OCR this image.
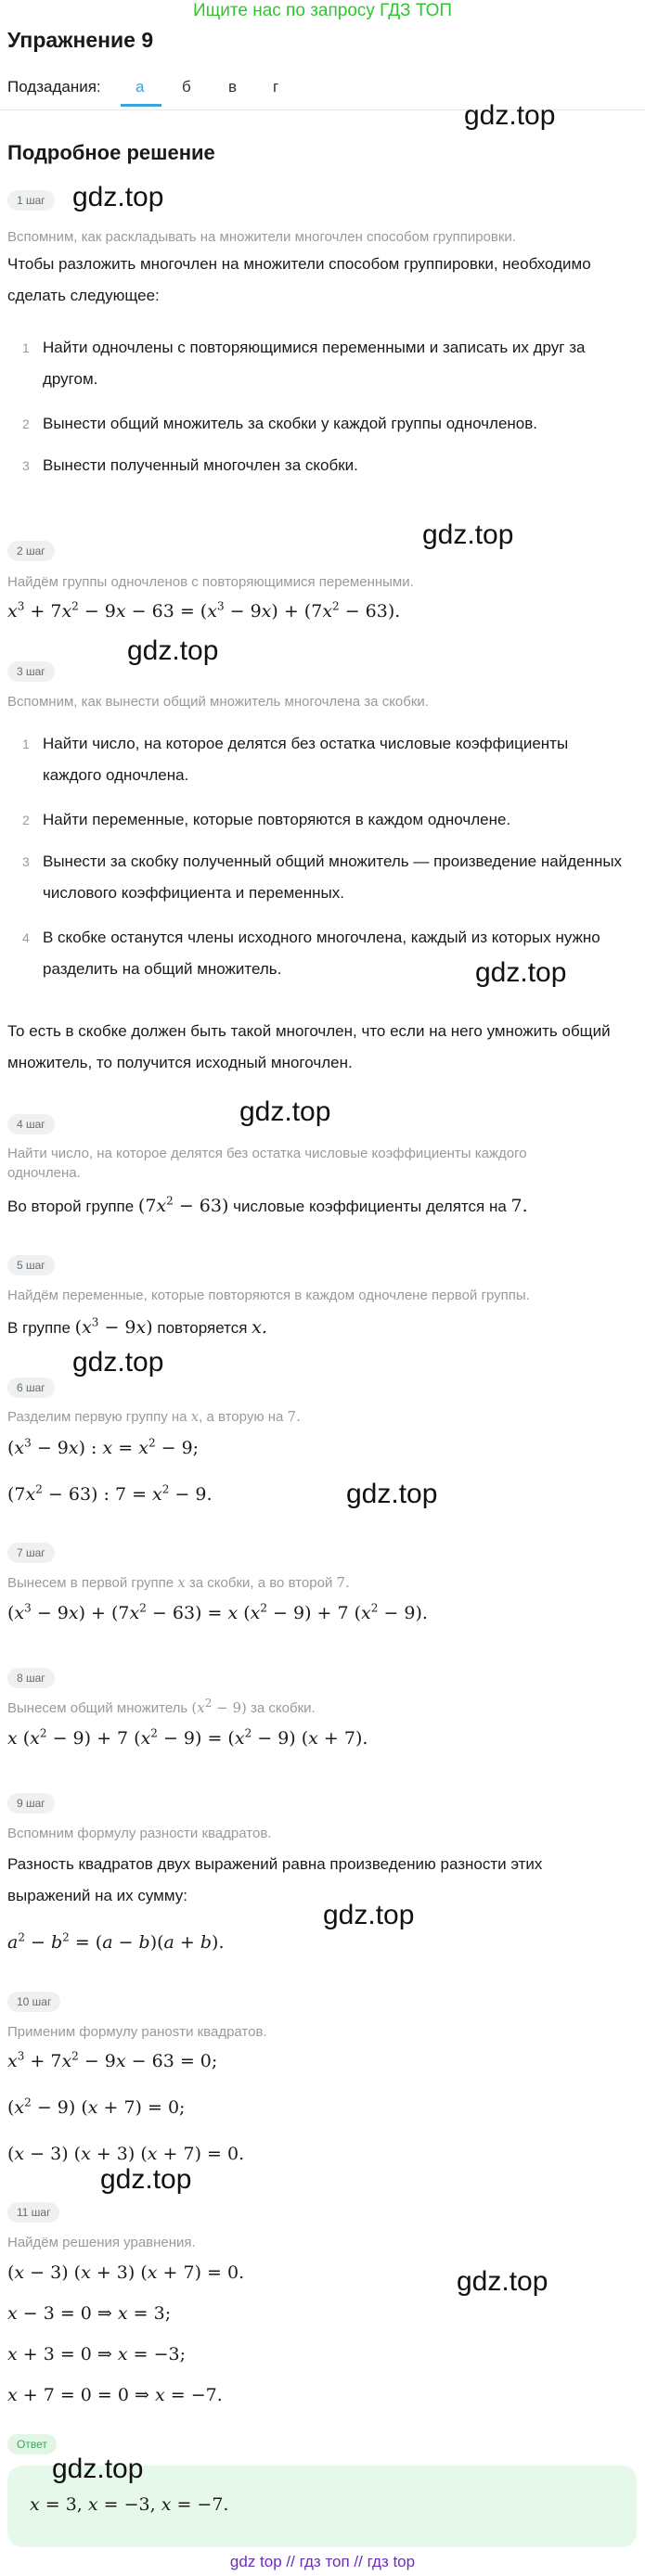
Ищите нас по запросу ГДЗ ТОП
Упражнение 9
Подзадания: а б в г
gdz.top
Подробное решение
1 шаг gdz.top
Вспомним, как раскладывать на множители многочлен способом группировки.
Чтобы разложить многочлен на множители способом группировки, необходимо сделать следующее:
1 Найти одночлены с повторяющимися переменными и записать их друг за другом.
2 Вынести общий множитель за скобки у каждой группы одночленов.
3 Вынести полученный многочлен за скобки.
gdz.top
2 шаг
Найдём группы одночленов с повторяющимися переменными.
$x^3 + 7x^2 - 9x - 63 = (x^3 - 9x) + (7x^2 - 63)$.
gdz.top
3 шаг
Вспомним, как вынести общий множитель многочлена за скобки.
1 Найти число, на которое делятся без остатка числовые коэффициенты каждого одночлена.
2 Найти переменные, которые повторяются в каждом одночлене.
3 Вынести за скобку полученный общий множитель — произведение найденных числового коэффициента и переменных.
4 В скобке останутся члены исходного многочлена, каждый из которых нужно разделить на общий множитель.	gdz.top
То есть в скобке должен быть такой многочлен, что если на него умножить общий множитель, то получится исходный многочлен.
gdz.top
4 шаг
Найти число, на которое делятся без остатка числовые коэффициенты каждого одночлена.
Во второй группе $(7x^2 - 63)$ числовые коэффициенты делятся на 7.
5 шаг
Найдём переменные, которые повторяются в каждом одночлене первой группы.
В группе $(x^3 - 9x)$ повторяется x.
gdz.top
6 шаг
Разделим первую группу на x, а вторую на 7.
$(x^3 - 9x)$ : $x = x^2 - 9$;
$(7x^2 - 63)$ : $7 = x^2 - 9$.	gdz.top
7 шаг
Вынесем в первой группе x за скобки, а во второй 7.
$(x^3 - 9x) + (7x^2 - 63) = x$ $(x^2 - 9) + 7$ $(x^2 - 9)$.
8 шаг
Вынесем общий множитель $(x^2 - 9)$ за скобки.
x $(x^2 - 9) + 7$ $(x^2 - 9) = (x^2 - 9) (x + 7)$.
9 шаг
Вспомним формулу разности квадратов.
Разность квадратов двух выражений равна произведению разности этих выражений на их сумму:
gdz.top
$a^2 - b^2 = (a - b)(a + b)$.
10 шаг
Применим формулу раноsти квадратов.
$x^3 + 7x^2 - 9x - 63 = 0$;
$(x^2 - 9) (x + 7) = 0$;
(x − 3) (x + 3) (x + 7) = 0.
gdz.top
11 шаг
Найдём решения уравнения.
(x − 3) (x + 3) (x + 7) = 0.	gdz.top
x − 3 = 0 ⇒ x = 3;
x + 3 = 0 ⇒ x = −3;
x + 7 = 0 = 0 ⇒ x = −7.
Ответ
gdz.top
x = 3, x = −3, x = −7.
gdz top // гдз топ // гдз top
